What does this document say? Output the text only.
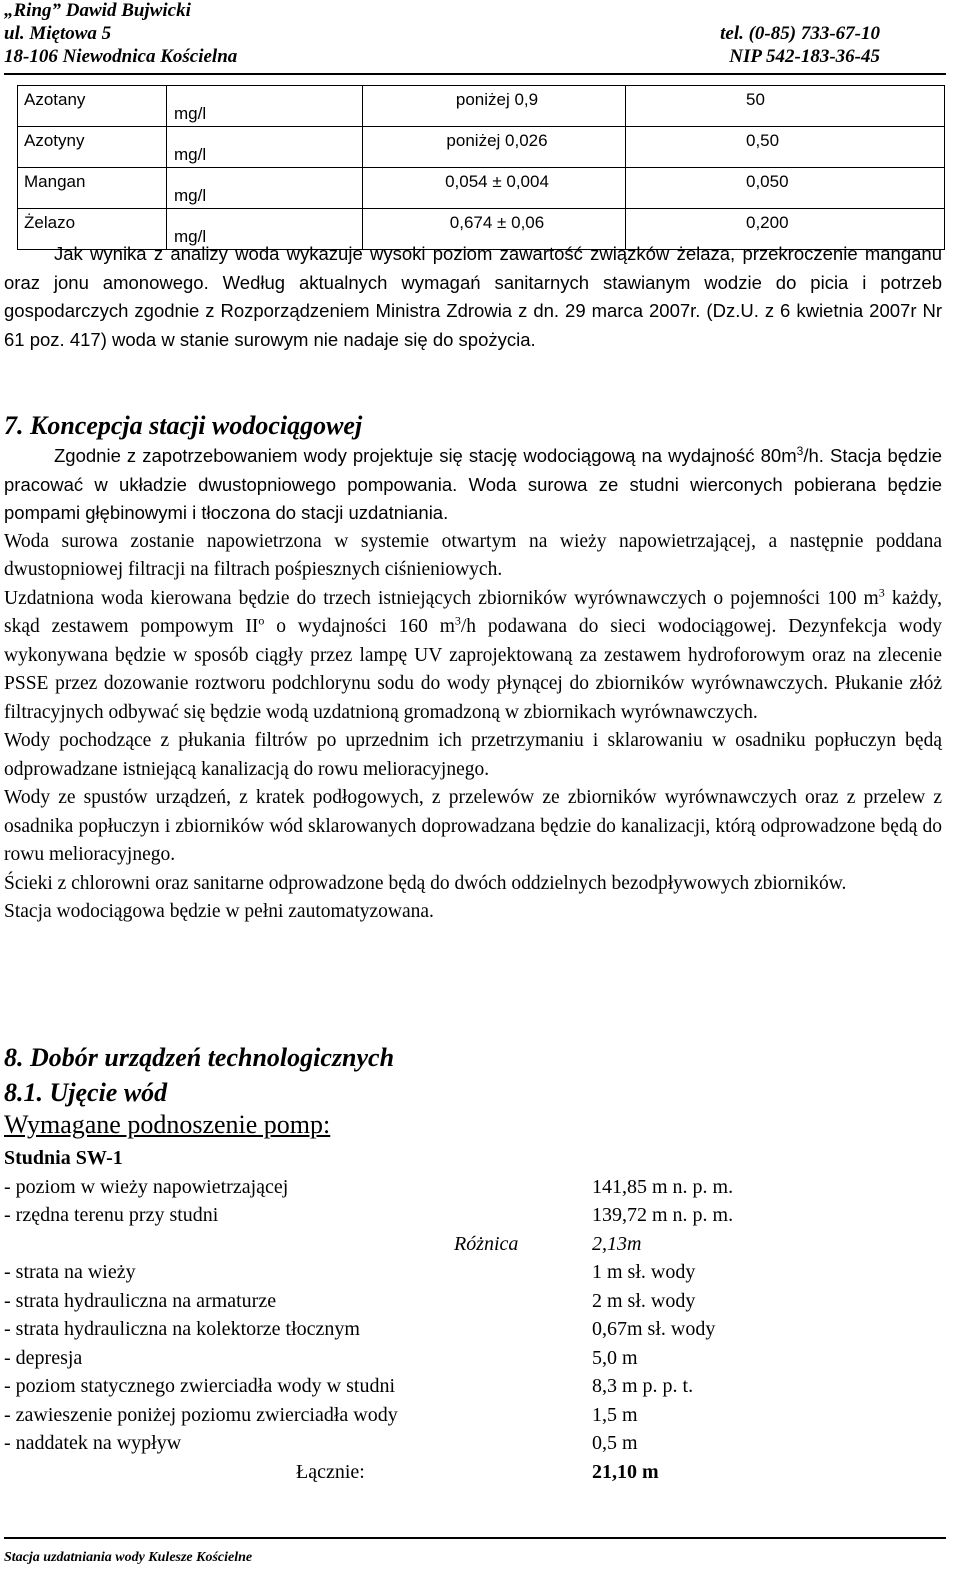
„Ring” Dawid Bujwicki
ul. Miętowa 5	tel. (0-85) 733-67-10
18-106 Niewodnica Kościelna	NIP 542-183-36-45
Azotany	mg/l	poniżej 0,9	50
Azotyny	mg/l	poniżej 0,026	0,50
Mangan	mg/l	0,054 ± 0,004	0,050
Żelazo	mg/l	0,674 ± 0,06	0,200

Jak wynika z analizy woda wykazuje wysoki poziom zawartość związków żelaza, przekroczenie manganu oraz jonu amonowego. Według aktualnych wymagań sanitarnych stawianym wodzie do picia i potrzeb gospodarczych zgodnie z Rozporządzeniem Ministra Zdrowia z dn. 29 marca 2007r. (Dz.U. z 6 kwietnia 2007r Nr 61 poz. 417) woda w stanie surowym nie nadaje się do spożycia.

7. Koncepcja stacji wodociągowej

Zgodnie z zapotrzebowaniem wody projektuje się stację wodociągową na wydajność $80m^3/h$. Stacja będzie pracować w układzie dwustopniowego pompowania. Woda surowa ze studni wierconych pobierana będzie pompami głębinowymi i tłoczona do stacji uzdatniania.

Woda surowa zostanie napowietrzona w systemie otwartym na wieży napowietrzającej, a następnie poddana dwustopniowej filtracji na filtrach pośpiesznych ciśnieniowych.

Uzdatniona woda kierowana będzie do trzech istniejących zbiorników wyrównawczych o pojemności 100 $m^3$ każdy, skąd zestawem pompowym $II^o$ o wydajności 160 $m^3/h$ podawana do sieci wodociągowej. Dezynfekcja wody wykonywana będzie w sposób ciągły przez lampę UV zaprojektowaną za zestawem hydroforowym oraz na zlecenie PSSE przez dozowanie roztworu podchlorynu sodu do wody płynącej do zbiorników wyrównawczych. Płukanie złóż filtracyjnych odbywać się będzie wodą uzdatnioną gromadzoną w zbiornikach wyrównawczych.

Wody pochodzące z płukania filtrów po uprzednim ich przetrzymaniu i sklarowaniu w osadniku popłuczyn będą odprowadzane istniejącą kanalizacją do rowu melioracyjnego.

Wody ze spustów urządzeń, z kratek podłogowych, z przelewów ze zbiorników wyrównawczych oraz z przelew z osadnika popłuczyn i zbiorników wód sklarowanych doprowadzana będzie do kanalizacji, którą odprowadzone będą do rowu melioracyjnego.

Ścieki z chlorowni oraz sanitarne odprowadzone będą do dwóch oddzielnych bezodpływowych zbiorników.

Stacja wodociągowa będzie w pełni zautomatyzowana.

8. Dobór urządzeń technologicznych
8.1. Ujęcie wód
Wymagane podnoszenie pomp:
Studnia SW-1
- poziom w wieży napowietrzającej	141,85 m n. p. m.
- rzędna terenu przy studni	139,72 m n. p. m.
Różnica	2,13m
- strata na wieży	1 m sł. wody
- strata hydrauliczna na armaturze	2 m sł. wody
- strata hydrauliczna na kolektorze tłocznym	0,67m sł. wody
- depresja	5,0 m
- poziom statycznego zwierciadła wody w studni	8,3 m p. p. t.
- zawieszenie poniżej poziomu zwierciadła wody	1,5 m
- naddatek na wypływ	0,5 m
Łącznie:	21,10 m
Stacja uzdatniania wody Kulesze Kościelne
